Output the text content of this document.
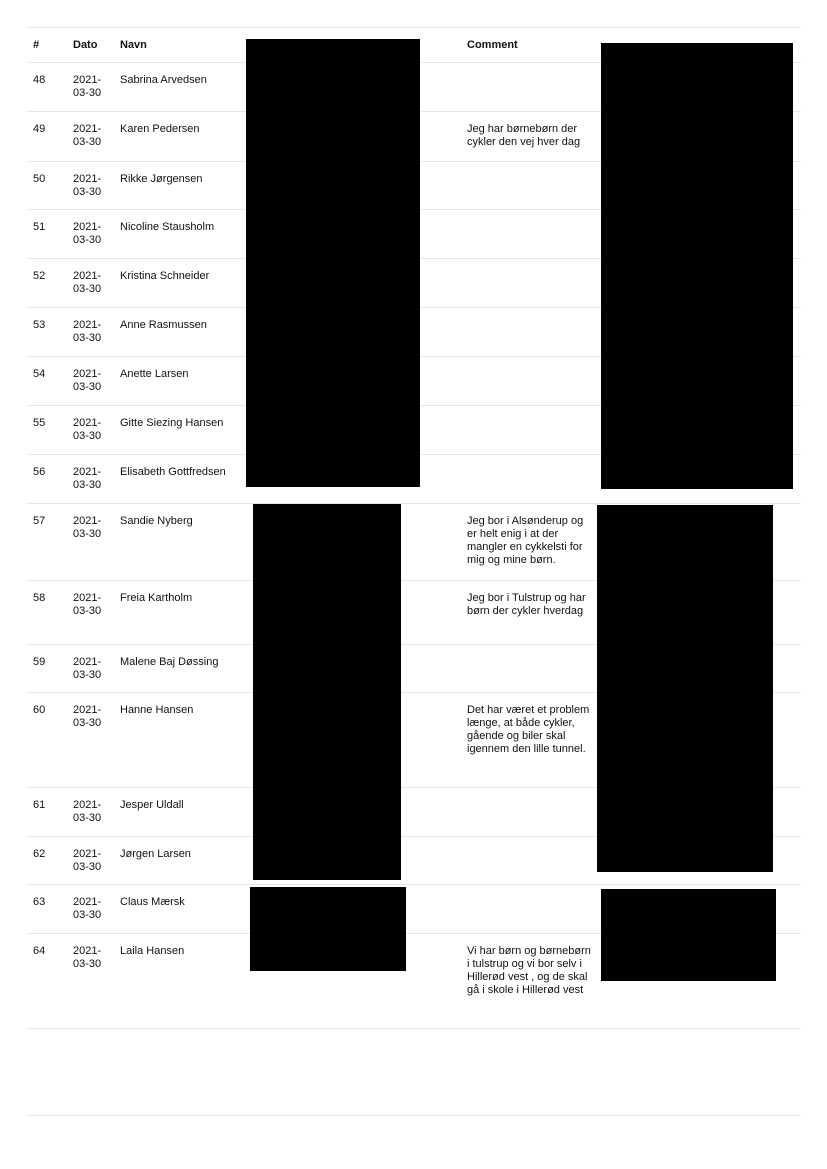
#	Dato	Navn		Comment	
48	2021-03-30	Sabrina Arvedsen			
49	2021-03-30	Karen Pedersen		Jeg har børnebørn der cykler den vej hver dag	
50	2021-03-30	Rikke Jørgensen			
51	2021-03-30	Nicoline Stausholm			
52	2021-03-30	Kristina Schneider			
53	2021-03-30	Anne Rasmussen			
54	2021-03-30	Anette Larsen			
55	2021-03-30	Gitte Siezing Hansen			
56	2021-03-30	Elisabeth Gottfredsen			
57	2021-03-30	Sandie Nyberg		Jeg bor i Alsønderup og er helt enig i at der mangler en cykkelsti for mig og mine børn.	
58	2021-03-30	Freia Kartholm		Jeg bor i Tulstrup og har børn der cykler hverdag	
59	2021-03-30	Malene Baj Døssing			
60	2021-03-30	Hanne Hansen		Det har været et problem længe, at både cykler, gående og biler skal igennem den lille tunnel.	
61	2021-03-30	Jesper Uldall			
62	2021-03-30	Jørgen Larsen			
63	2021-03-30	Claus Mærsk			
64	2021-03-30	Laila Hansen		Vi har børn og børnebørn i tulstrup og vi bor selv i Hillerød vest , og de skal gå i skole i Hillerød vest	
